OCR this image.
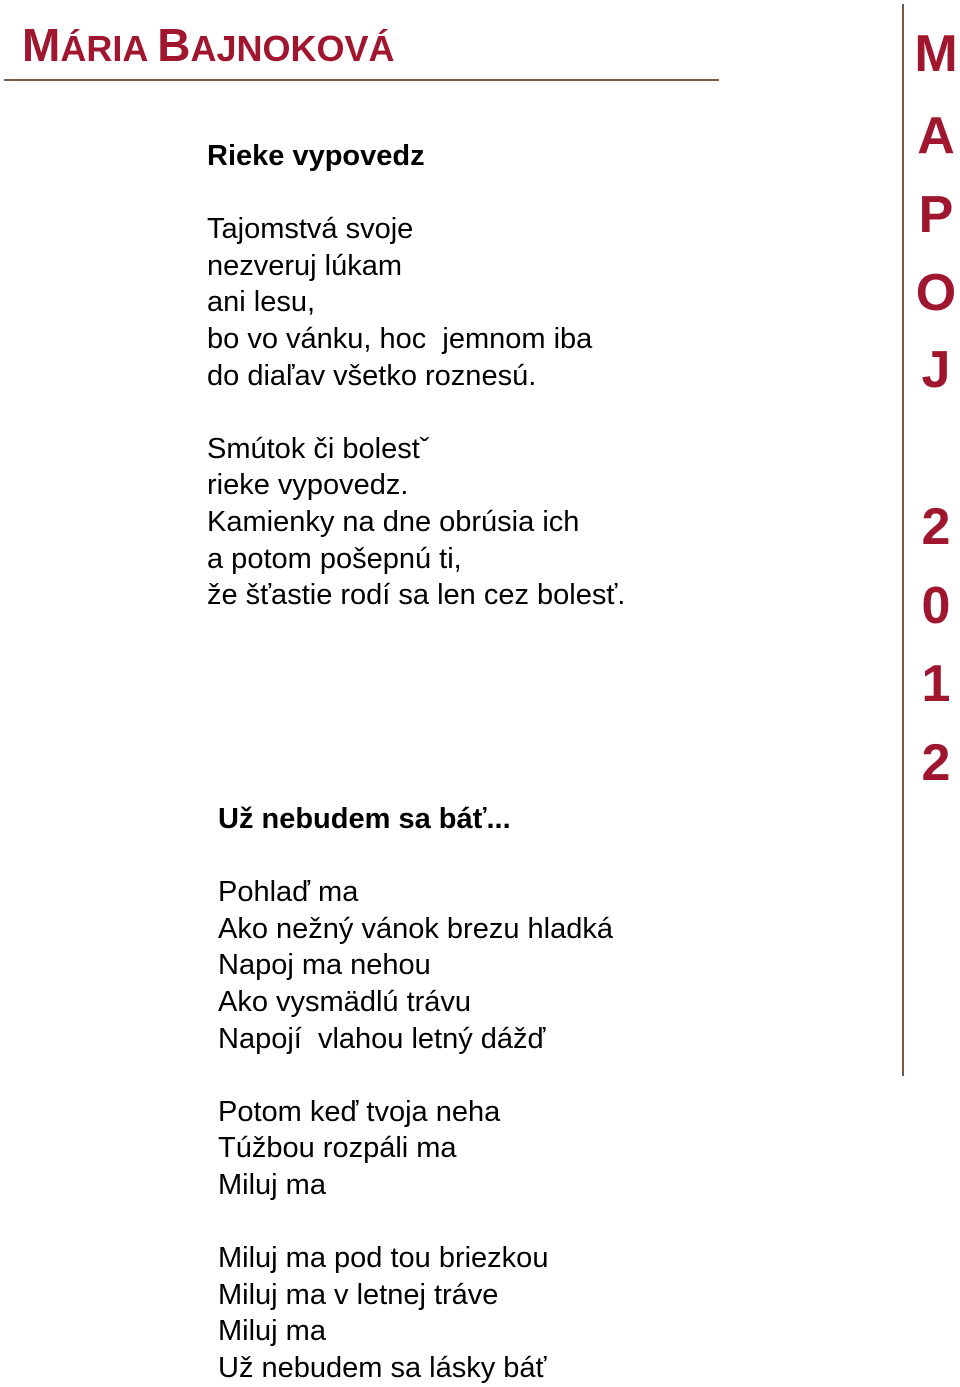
MÁRIA BAJNOKOVÁ	M
A
P
O
J
2
0
1
2
Rieke vypovedz
Tajomstvá svoje
nezveruj lúkam
ani lesu,
bo vo vánku, hoc  jemnom iba
do diaľav všetko roznesú.
Smútok či bolestˇ
rieke vypovedz.
Kamienky na dne obrúsia ich
a potom pošepnú ti,
že šťastie rodí sa len cez bolesť.
Už nebudem sa báť...
Pohlaď ma
Ako nežný vánok brezu hladká
Napoj ma nehou
Ako vysmädlú trávu
Napojí  vlahou letný dážď
Potom keď tvoja neha
Túžbou rozpáli ma
Miluj ma
Miluj ma pod tou briezkou
Miluj ma v letnej tráve
Miluj ma
Už nebudem sa lásky báť
